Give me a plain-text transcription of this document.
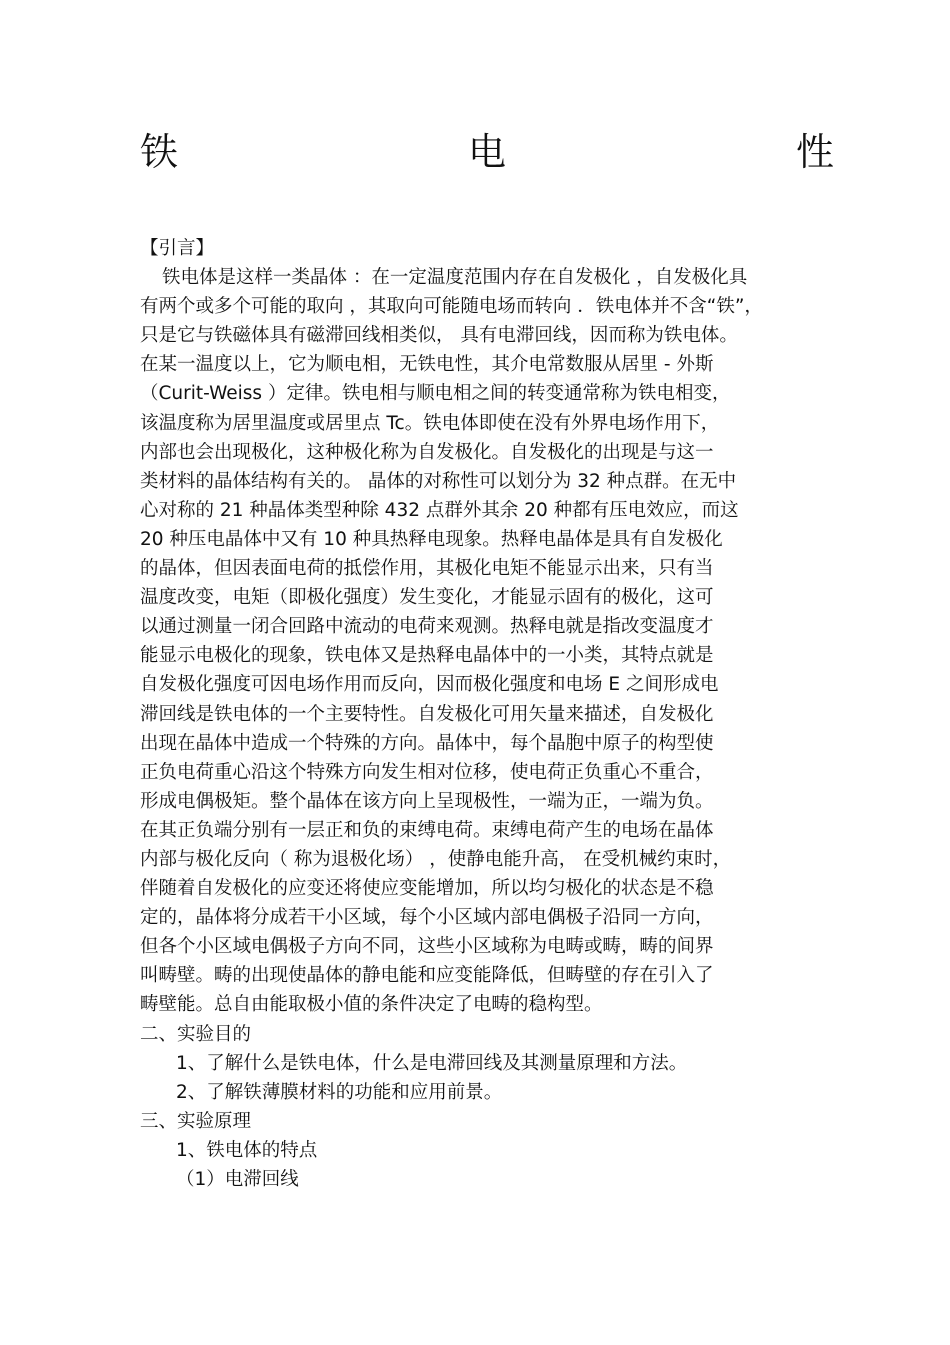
铁	电	性
【引言】
铁电体是这样一类晶体 ：在一定温度范围内存在自发极化 ，自发极化具
有两个或多个可能的取向 ，其取向可能随电场而转向 ．铁电体并不含“铁”，
只是它与铁磁体具有磁滞回线相类似， 具有电滞回线，因而称为铁电体。
在某一温度以上，它为顺电相，无铁电性，其介电常数服从居里 - 外斯
（Curit-Weiss ）定律。铁电相与顺电相之间的转变通常称为铁电相变，
该温度称为居里温度或居里点 Tc。铁电体即使在没有外界电场作用下，
内部也会出现极化，这种极化称为自发极化。自发极化的出现是与这一
类材料的晶体结构有关的。 晶体的对称性可以划分为 32 种点群。在无中
心对称的 21 种晶体类型种除 432 点群外其余 20 种都有压电效应，而这
20 种压电晶体中又有 10 种具热释电现象。热释电晶体是具有自发极化
的晶体，但因表面电荷的抵偿作用，其极化电矩不能显示出来，只有当
温度改变，电矩（即极化强度）发生变化，才能显示固有的极化，这可
以通过测量一闭合回路中流动的电荷来观测。热释电就是指改变温度才
能显示电极化的现象，铁电体又是热释电晶体中的一小类，其特点就是
自发极化强度可因电场作用而反向，因而极化强度和电场 E 之间形成电
滞回线是铁电体的一个主要特性。自发极化可用矢量来描述，自发极化
出现在晶体中造成一个特殊的方向。晶体中，每个晶胞中原子的构型使
正负电荷重心沿这个特殊方向发生相对位移，使电荷正负重心不重合，
形成电偶极矩。整个晶体在该方向上呈现极性，一端为正，一端为负。
在其正负端分别有一层正和负的束缚电荷。束缚电荷产生的电场在晶体
内部与极化反向（ 称为退极化场） ，使静电能升高， 在受机械约束时，
伴随着自发极化的应变还将使应变能增加，所以均匀极化的状态是不稳
定的，晶体将分成若干小区域，每个小区域内部电偶极子沿同一方向，
但各个小区域电偶极子方向不同，这些小区域称为电畴或畴，畴的间界
叫畴壁。畴的出现使晶体的静电能和应变能降低，但畴壁的存在引入了
畴壁能。总自由能取极小值的条件决定了电畴的稳构型。
二、实验目的
1、了解什么是铁电体，什么是电滞回线及其测量原理和方法。
2、了解铁薄膜材料的功能和应用前景。
三、实验原理
1、铁电体的特点
（1）电滞回线
